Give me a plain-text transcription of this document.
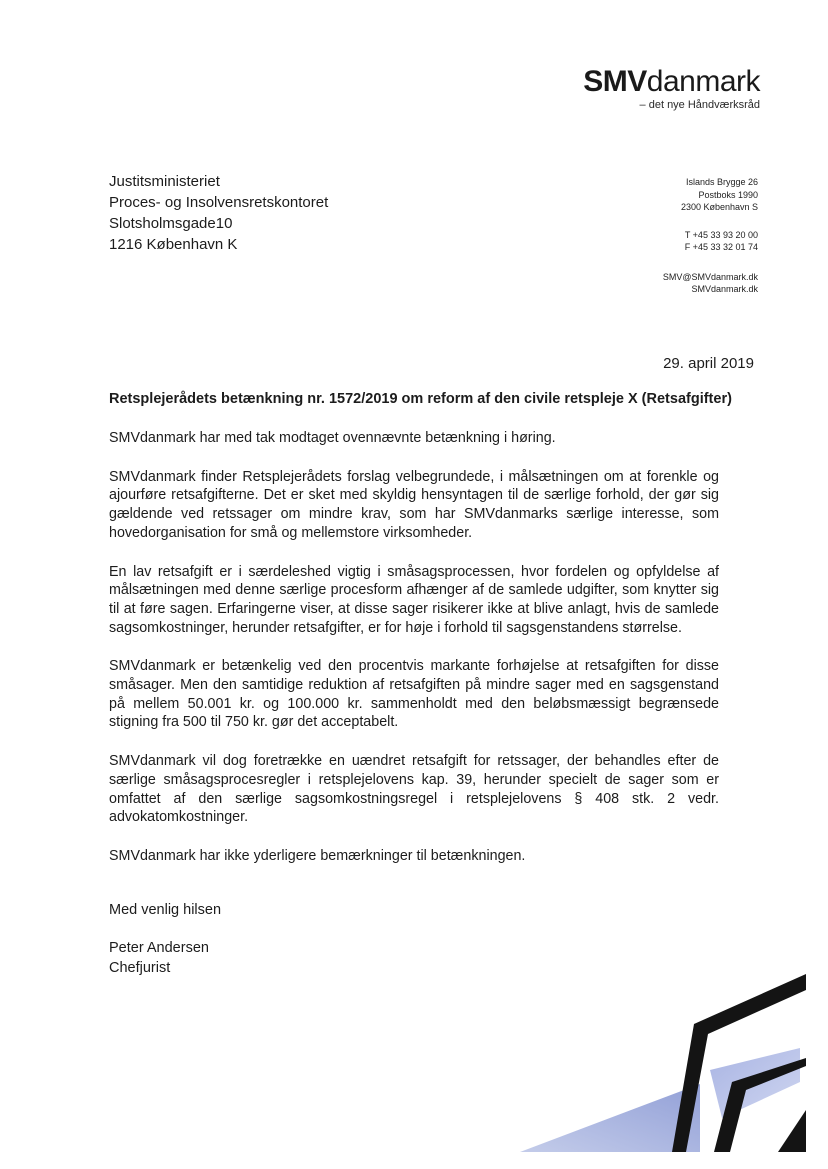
SMVdanmark
– det nye Håndværksråd
Justitsministeriet
Proces- og Insolvensretskontoret
Slotsholmsgade10
1216 København K
Islands Brygge 26
Postboks 1990
2300 København S
T +45 33 93 20 00
F +45 33 32 01 74
SMV@SMVdanmark.dk
SMVdanmark.dk
29. april 2019
Retsplejerådets betænkning nr. 1572/2019 om reform af den civile retspleje X (Retsafgifter)

SMVdanmark har med tak modtaget ovennævnte betænkning i høring.

SMVdanmark finder Retsplejerådets forslag velbegrundede, i målsætningen om at forenkle og ajourføre retsafgifterne. Det er sket med skyldig hensyntagen til de særlige forhold, der gør sig gældende ved retssager om mindre krav, som har SMVdanmarks særlige interesse, som hovedorganisation for små og mellemstore virksomheder.

En lav retsafgift er i særdeleshed vigtig i småsagsprocessen, hvor fordelen og opfyldelse af målsætningen med denne særlige procesform afhænger af de samlede udgifter, som knytter sig til at føre sagen. Erfaringerne viser, at disse sager risikerer ikke at blive anlagt, hvis de samlede sagsomkostninger, herunder retsafgifter, er for høje i forhold til sagsgenstandens størrelse.

SMVdanmark er betænkelig ved den procentvis markante forhøjelse at retsafgiften for disse småsager. Men den samtidige reduktion af retsafgiften på mindre sager med en sagsgenstand på mellem 50.001 kr. og 100.000 kr. sammenholdt med den beløbsmæssigt begrænsede stigning fra 500 til 750 kr. gør det acceptabelt.

SMVdanmark vil dog foretrække en uændret retsafgift for retssager, der behandles efter de særlige småsagsprocesregler i retsplejelovens kap. 39, herunder specielt de sager som er omfattet af den særlige sagsomkostningsregel i retsplejelovens § 408 stk. 2 vedr. advokatomkostninger.

SMVdanmark har ikke yderligere bemærkninger til betænkningen.

Med venlig hilsen
Peter Andersen
Chefjurist
